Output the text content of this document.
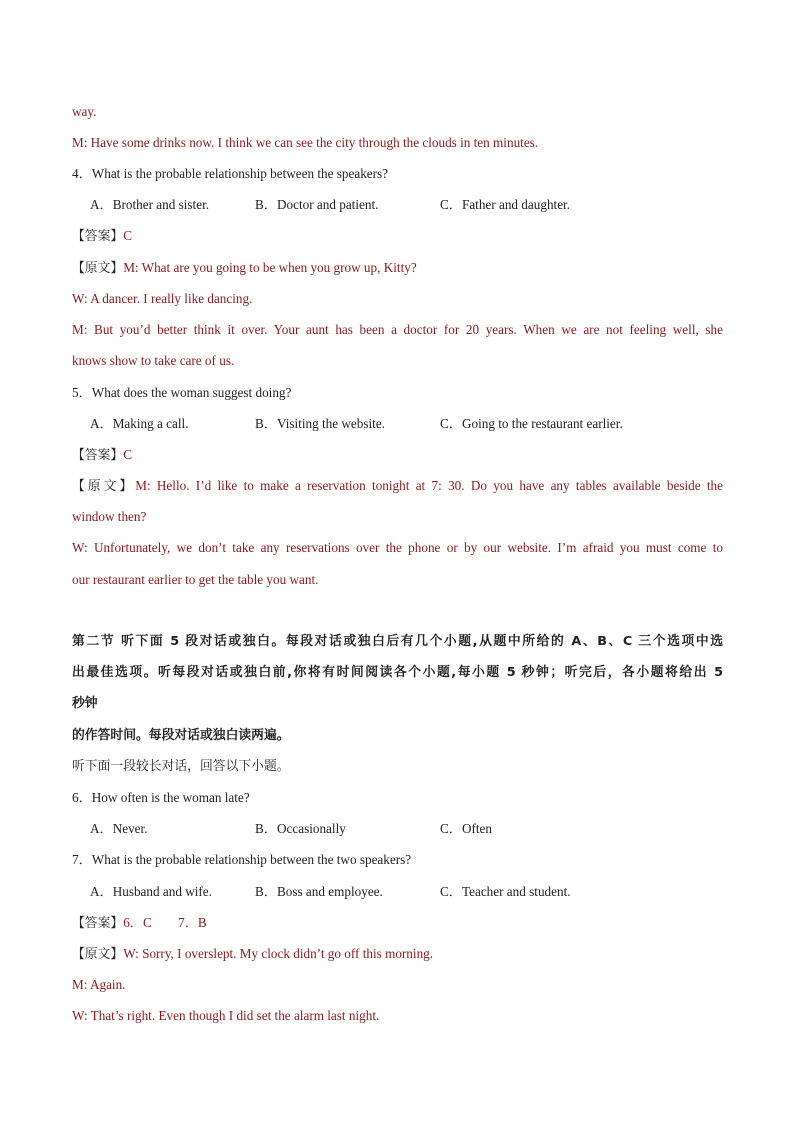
way.
M: Have some drinks now. I think we can see the city through the clouds in ten minutes.
4．What is the probable relationship between the speakers?
A．Brother and sister.	B．Doctor and patient.	C．Father and daughter.
【答案】C
【原文】M: What are you going to be when you grow up, Kitty?
W: A dancer. I really like dancing.
M: But you’d better think it over. Your aunt has been a doctor for 20 years. When we are not feeling well, she
knows show to take care of us.
5．What does the woman suggest doing?
A．Making a call.	B．Visiting the website.	C．Going to the restaurant earlier.
【答案】C
【原文】M: Hello. I’d like to make a reservation tonight at 7: 30. Do you have any tables available beside the
window then?
W: Unfortunately, we don’t take any reservations over the phone or by our website. I’m afraid you must come to
our restaurant earlier to get the table you want.
第二节 听下面 5 段对话或独白。每段对话或独白后有几个小题,从题中所给的 A、B、C 三个选项中选
出最佳选项。听每段对话或独白前,你将有时间阅读各个小题,每小题 5 秒钟；听完后，各小题将给出 5
秒钟
的作答时间。每段对话或独白读两遍。
听下面一段较长对话，回答以下小题。
6．How often is the woman late?
A．Never.	B．Occasionally	C．Often
7．What is the probable relationship between the two speakers?
A．Husband and wife.	B．Boss and employee.	C．Teacher and student.
【答案】6．C　　7．B
【原文】W: Sorry, I overslept. My clock didn’t go off this morning.
M: Again.
W: That’s right. Even though I did set the alarm last night.
